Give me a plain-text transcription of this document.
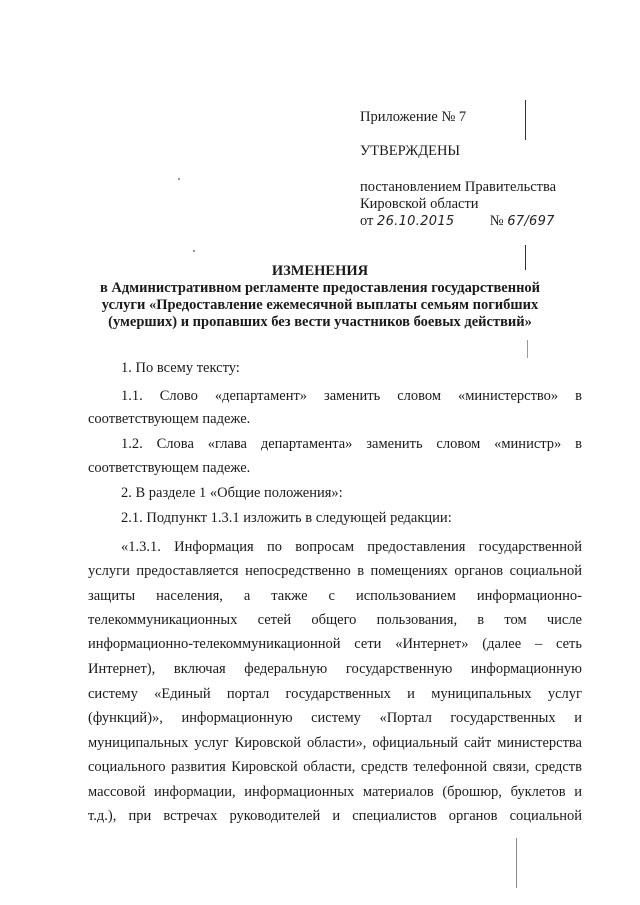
Приложение № 7
УТВЕРЖДЕНЫ
постановлением Правительства
Кировской области
от 26.10.2015 № 67/697
ИЗМЕНЕНИЯ
в Административном регламенте предоставления государственной
услуги «Предоставление ежемесячной выплаты семьям погибших
(умерших) и пропавших без вести участников боевых действий»
1. По всему тексту:
1.1. Слово «департамент» заменить словом «министерство» в
соответствующем падеже.
1.2. Слова «глава департамента» заменить словом «министр» в
соответствующем падеже.
2. В разделе 1 «Общие положения»:
2.1. Подпункт 1.3.1 изложить в следующей редакции:
«1.3.1. Информация по вопросам предоставления государственной
услуги предоставляется непосредственно в помещениях органов социальной
защиты населения, а также с использованием информационно-
телекоммуникационных сетей общего пользования, в том числе
информационно-телекоммуникационной сети «Интернет» (далее – сеть
Интернет), включая федеральную государственную информационную
систему «Единый портал государственных и муниципальных услуг
(функций)», информационную систему «Портал государственных и
муниципальных услуг Кировской области», официальный сайт министерства
социального развития Кировской области, средств телефонной связи, средств
массовой информации, информационных материалов (брошюр, буклетов и
т.д.), при встречах руководителей и специалистов органов социальной
